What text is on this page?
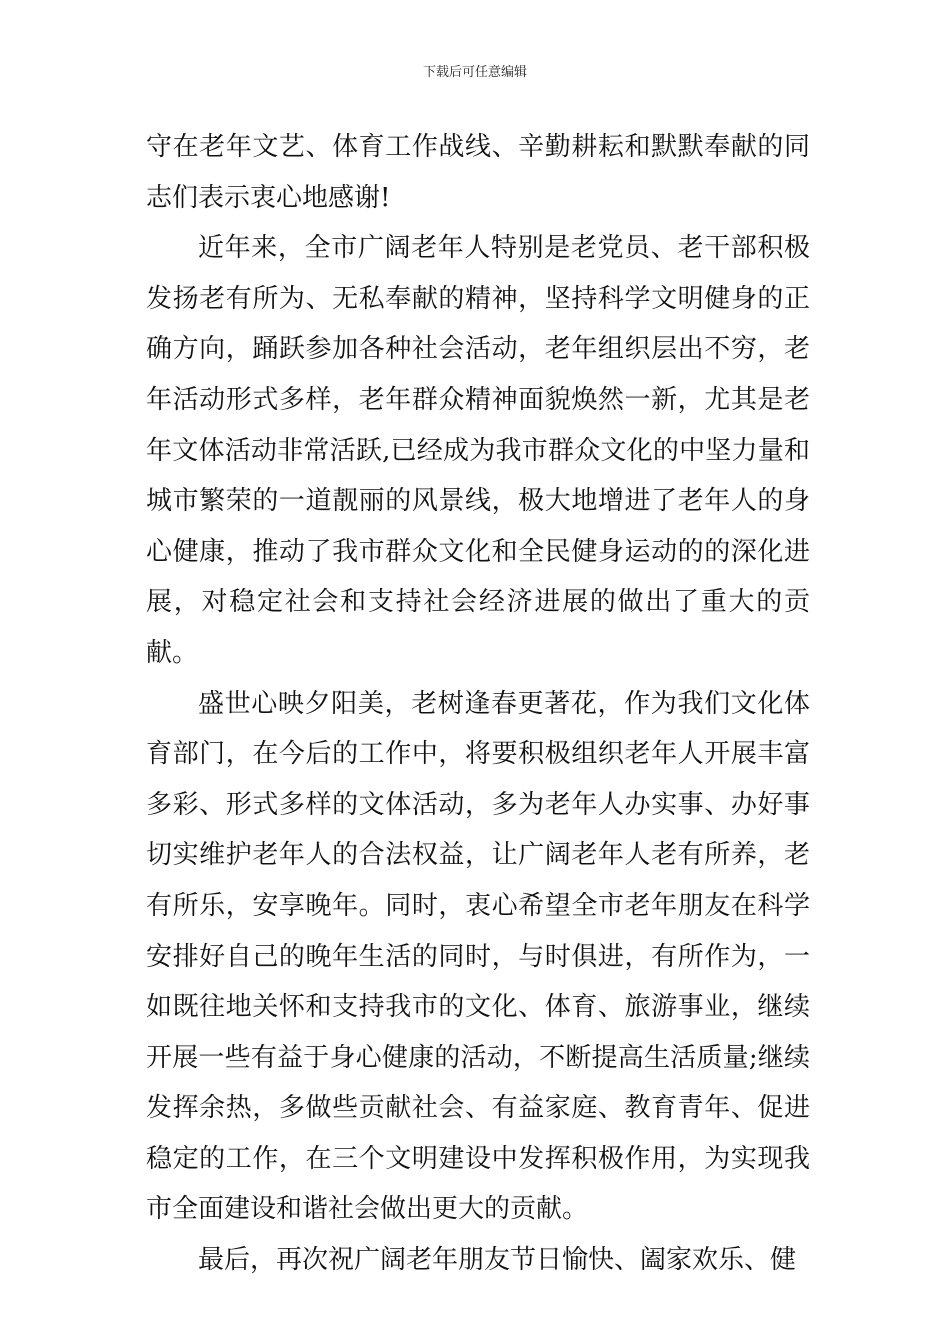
下载后可任意编辑

守在老年文艺、体育工作战线、辛勤耕耘和默默奉献的同志们表示衷心地感谢!

近年来，全市广阔老年人特别是老党员、老干部积极发扬老有所为、无私奉献的精神，坚持科学文明健身的正确方向，踊跃参加各种社会活动，老年组织层出不穷，老年活动形式多样，老年群众精神面貌焕然一新，尤其是老年文体活动非常活跃,已经成为我市群众文化的中坚力量和城市繁荣的一道靓丽的风景线，极大地增进了老年人的身心健康，推动了我市群众文化和全民健身运动的的深化进展，对稳定社会和支持社会经济进展的做出了重大的贡献。

盛世心映夕阳美，老树逢春更著花，作为我们文化体育部门，在今后的工作中，将要积极组织老年人开展丰富多彩、形式多样的文体活动，多为老年人办实事、办好事切实维护老年人的合法权益，让广阔老年人老有所养，老有所乐，安享晚年。同时，衷心希望全市老年朋友在科学安排好自己的晚年生活的同时，与时俱进，有所作为，一如既往地关怀和支持我市的文化、体育、旅游事业，继续开展一些有益于身心健康的活动，不断提高生活质量;继续发挥余热，多做些贡献社会、有益家庭、教育青年、促进稳定的工作，在三个文明建设中发挥积极作用，为实现我市全面建设和谐社会做出更大的贡献。

最后，再次祝广阔老年朋友节日愉快、阖家欢乐、健
